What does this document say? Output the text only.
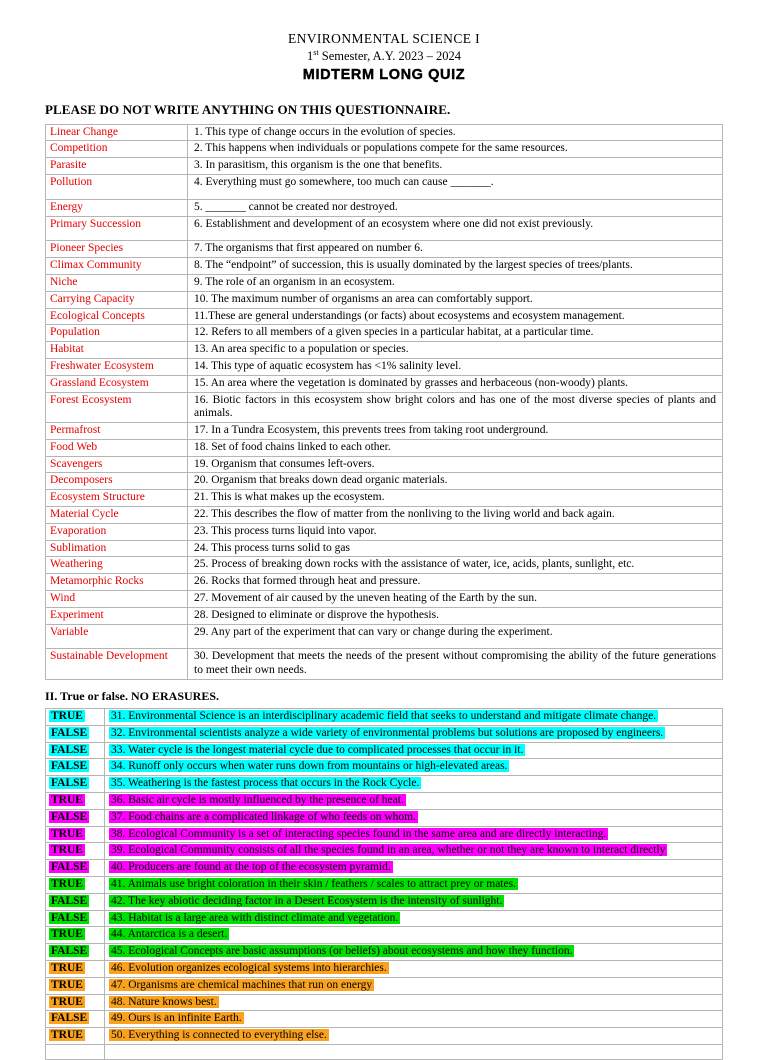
ENVIRONMENTAL SCIENCE I
1st Semester, A.Y. 2023 – 2024
MIDTERM LONG QUIZ
PLEASE DO NOT WRITE ANYTHING ON THIS QUESTIONNAIRE.
Linear Change	1. This type of change occurs in the evolution of species.
Competition	2. This happens when individuals or populations compete for the same resources.
Parasite	3. In parasitism, this organism is the one that benefits.
Pollution	4. Everything must go somewhere, too much can cause _______.
Energy	5. _______ cannot be created nor destroyed.
Primary Succession	6. Establishment and development of an ecosystem where one did not exist previously.
Pioneer Species	7. The organisms that first appeared on number 6.
Climax Community	8. The “endpoint” of succession, this is usually dominated by the largest species of trees/plants.
Niche	9. The role of an organism in an ecosystem.
Carrying Capacity	10. The maximum number of organisms an area can comfortably support.
Ecological Concepts	11.These are general understandings (or facts) about ecosystems and ecosystem management.
Population	12. Refers to all members of a given species in a particular habitat, at a particular time.
Habitat	13. An area specific to a population or species.
Freshwater Ecosystem	14. This type of aquatic ecosystem has <1% salinity level.
Grassland Ecosystem	15. An area where the vegetation is dominated by grasses and herbaceous (non-woody) plants.
Forest Ecosystem	16. Biotic factors in this ecosystem show bright colors and has one of the most diverse species of plants and animals.
Permafrost	17. In a Tundra Ecosystem, this prevents trees from taking root underground.
Food Web	18. Set of food chains linked to each other.
Scavengers	19. Organism that consumes left-overs.
Decomposers	20. Organism that breaks down dead organic materials.
Ecosystem Structure	21. This is what makes up the ecosystem.
Material Cycle	22. This describes the flow of matter from the nonliving to the living world and back again.
Evaporation	23. This process turns liquid into vapor.
Sublimation	24. This process turns solid to gas
Weathering	25. Process of breaking down rocks with the assistance of water, ice, acids, plants, sunlight, etc.
Metamorphic Rocks	26. Rocks that formed through heat and pressure.
Wind	27. Movement of air caused by the uneven heating of the Earth by the sun.
Experiment	28. Designed to eliminate or disprove the hypothesis.
Variable	29. Any part of the experiment that can vary or change during the experiment.
Sustainable Development	30. Development that meets the needs of the present without compromising the ability of the future generations to meet their own needs.
II. True or false. NO ERASURES.
TRUE	31. Environmental Science is an interdisciplinary academic field that seeks to understand and mitigate climate change.
FALSE	32. Environmental scientists analyze a wide variety of environmental problems but solutions are proposed by engineers.
FALSE	33. Water cycle is the longest material cycle due to complicated processes that occur in it.
FALSE	34. Runoff only occurs when water runs down from mountains or high-elevated areas.
FALSE	35. Weathering is the fastest process that occurs in the Rock Cycle.
TRUE	36. Basic air cycle is mostly influenced by the presence of heat.
FALSE	37. Food chains are a complicated linkage of who feeds on whom.
TRUE	38. Ecological Community is a set of interacting species found in the same area and are directly interacting.
TRUE	39. Ecological Community consists of all the species found in an area, whether or not they are known to interact directly
FALSE	40. Producers are found at the top of the ecosystem pyramid.
TRUE	41. Animals use bright coloration in their skin / feathers / scales to attract prey or mates.
FALSE	42. The key abiotic deciding factor in a Desert Ecosystem is the intensity of sunlight.
FALSE	43. Habitat is a large area with distinct climate and vegetation.
TRUE	44. Antarctica is a desert.
FALSE	45. Ecological Concepts are basic assumptions (or beliefs) about ecosystems and how they function.
TRUE	46. Evolution organizes ecological systems into hierarchies.
TRUE	47. Organisms are chemical machines that run on energy
TRUE	48. Nature knows best.
FALSE	49. Ours is an infinite Earth.
TRUE	50. Everything is connected to everything else.
